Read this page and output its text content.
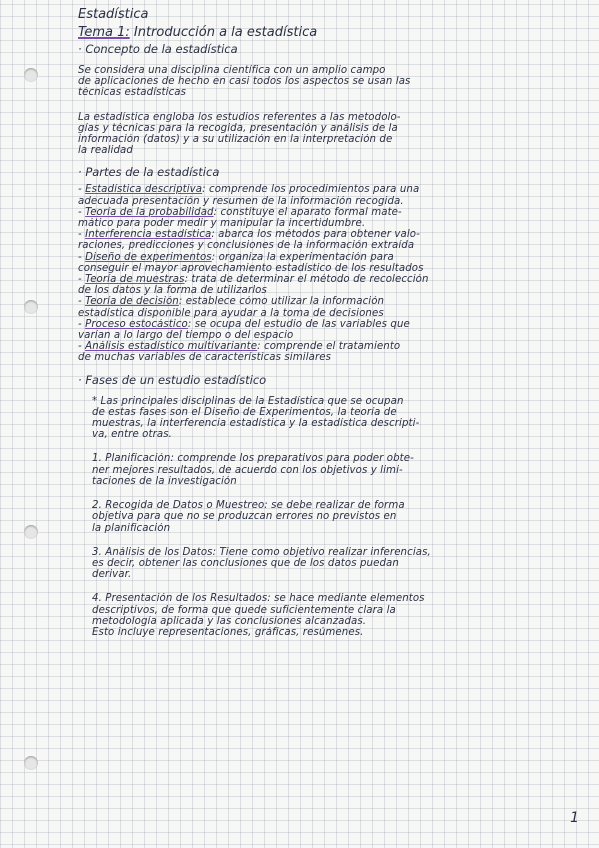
Estadística
Tema 1: Introducción a la estadística
· Concepto de la estadística
Se considera una disciplina científica con un amplio campo
de aplicaciones de hecho en casi todos los aspectos se usan las
técnicas estadísticas
La estadística engloba los estudios referentes a las metodolo-
gías y técnicas para la recogida, presentación y análisis de la
información (datos) y a su utilización en la interpretación de
la realidad
· Partes de la estadística
- Estadística descriptiva: comprende los procedimientos para una
adecuada presentación y resumen de la información recogida.
- Teoría de la probabilidad: constituye el aparato formal mate-
mático para poder medir y manipular la incertidumbre.
- Interferencia estadística: abarca los métodos para obtener valo-
raciones, predicciones y conclusiones de la información extraída
- Diseño de experimentos: organiza la experimentación para
conseguir el mayor aprovechamiento estadístico de los resultados
- Teoría de muestras: trata de determinar el método de recolección
de los datos y la forma de utilizarlos
- Teoría de decisión: establece cómo utilizar la información
estadística disponible para ayudar a la toma de decisiones
- Proceso estocástico: se ocupa del estudio de las variables que
varían a lo largo del tiempo o del espacio
- Análisis estadístico multivariante: comprende el tratamiento
de muchas variables de características similares
· Fases de un estudio estadístico
* Las principales disciplinas de la Estadística que se ocupan
de estas fases son el Diseño de Experimentos, la teoría de
muestras, la interferencia estadística y la estadística descripti-
va, entre otras.
1. Planificación: comprende los preparativos para poder obte-
ner mejores resultados, de acuerdo con los objetivos y limi-
taciones de la investigación
2. Recogida de Datos o Muestreo: se debe realizar de forma
objetiva para que no se produzcan errores no previstos en
la planificación
3. Análisis de los Datos: Tiene como objetivo realizar inferencias,
es decir, obtener las conclusiones que de los datos puedan
derivar.
4. Presentación de los Resultados: se hace mediante elementos
descriptivos, de forma que quede suficientemente clara la
metodología aplicada y las conclusiones alcanzadas.
Esto incluye representaciones, gráficas, resúmenes.
1
